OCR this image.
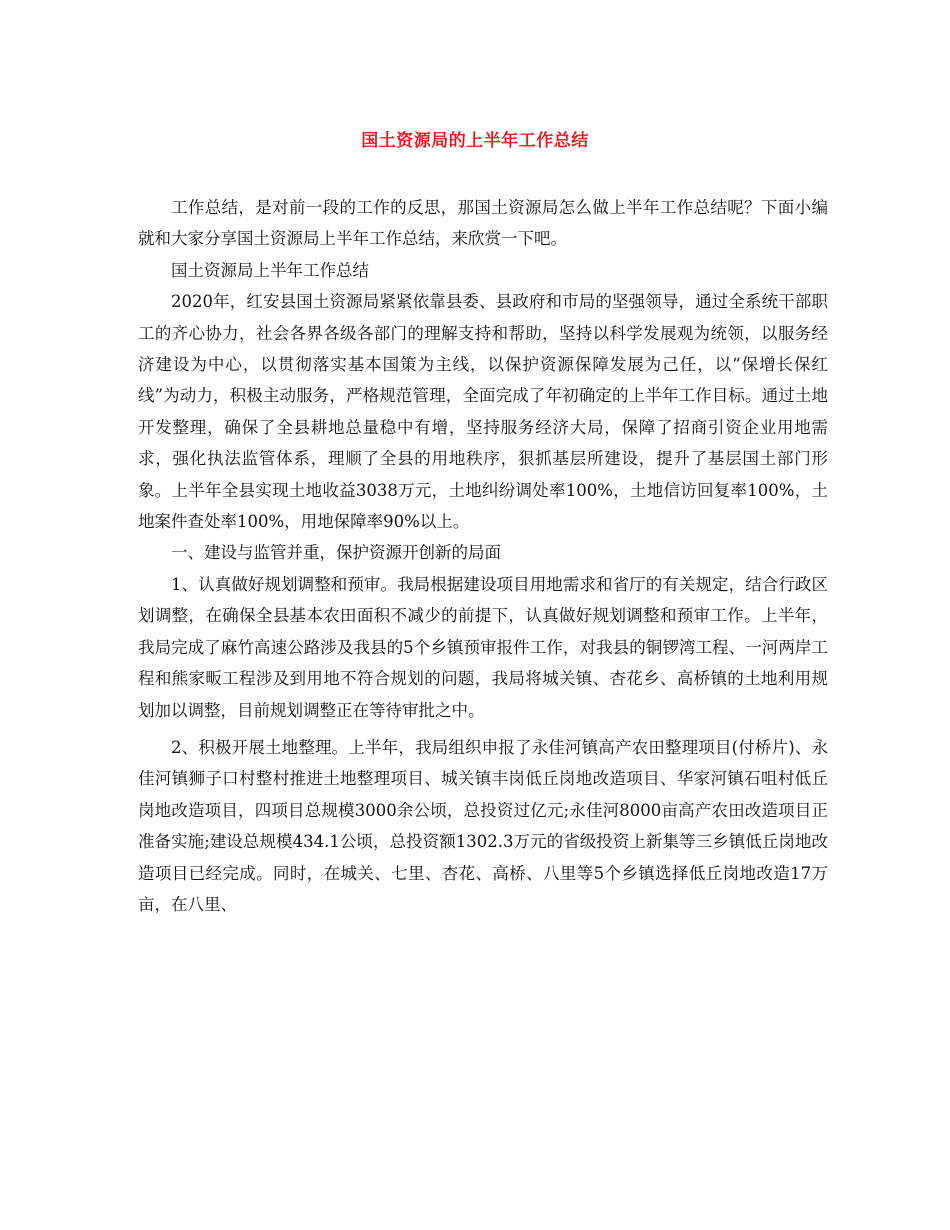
国土资源局的上半年工作总结

工作总结，是对前一段的工作的反思，那国土资源局怎么做上半年工作总结呢？下面小编就和大家分享国土资源局上半年工作总结，来欣赏一下吧。

国土资源局上半年工作总结

2020年，红安县国土资源局紧紧依靠县委、县政府和市局的坚强领导，通过全系统干部职工的齐心协力，社会各界各级各部门的理解支持和帮助，坚持以科学发展观为统领，以服务经济建设为中心，以贯彻落实基本国策为主线，以保护资源保障发展为己任，以“保增长保红线”为动力，积极主动服务，严格规范管理，全面完成了年初确定的上半年工作目标。通过土地开发整理，确保了全县耕地总量稳中有增，坚持服务经济大局，保障了招商引资企业用地需求，强化执法监管体系，理顺了全县的用地秩序，狠抓基层所建设，提升了基层国土部门形象。上半年全县实现土地收益3038万元，土地纠纷调处率100%，土地信访回复率100%，土地案件查处率100%，用地保障率90%以上。

一、建设与监管并重，保护资源开创新的局面

1、认真做好规划调整和预审。我局根据建设项目用地需求和省厅的有关规定，结合行政区划调整，在确保全县基本农田面积不减少的前提下，认真做好规划调整和预审工作。上半年，我局完成了麻竹高速公路涉及我县的5个乡镇预审报件工作，对我县的铜锣湾工程、一河两岸工程和熊家畈工程涉及到用地不符合规划的问题，我局将城关镇、杏花乡、高桥镇的土地利用规划加以调整，目前规划调整正在等待审批之中。

2、积极开展土地整理。上半年，我局组织申报了永佳河镇高产农田整理项目(付桥片)、永佳河镇狮子口村整村推进土地整理项目、城关镇丰岗低丘岗地改造项目、华家河镇石咀村低丘岗地改造项目，四项目总规模3000余公顷，总投资过亿元;永佳河8000亩高产农田改造项目正准备实施;建设总规模434.1公顷，总投资额1302.3万元的省级投资上新集等三乡镇低丘岗地改造项目已经完成。同时，在城关、七里、杏花、高桥、八里等5个乡镇选择低丘岗地改造17万亩，在八里、
